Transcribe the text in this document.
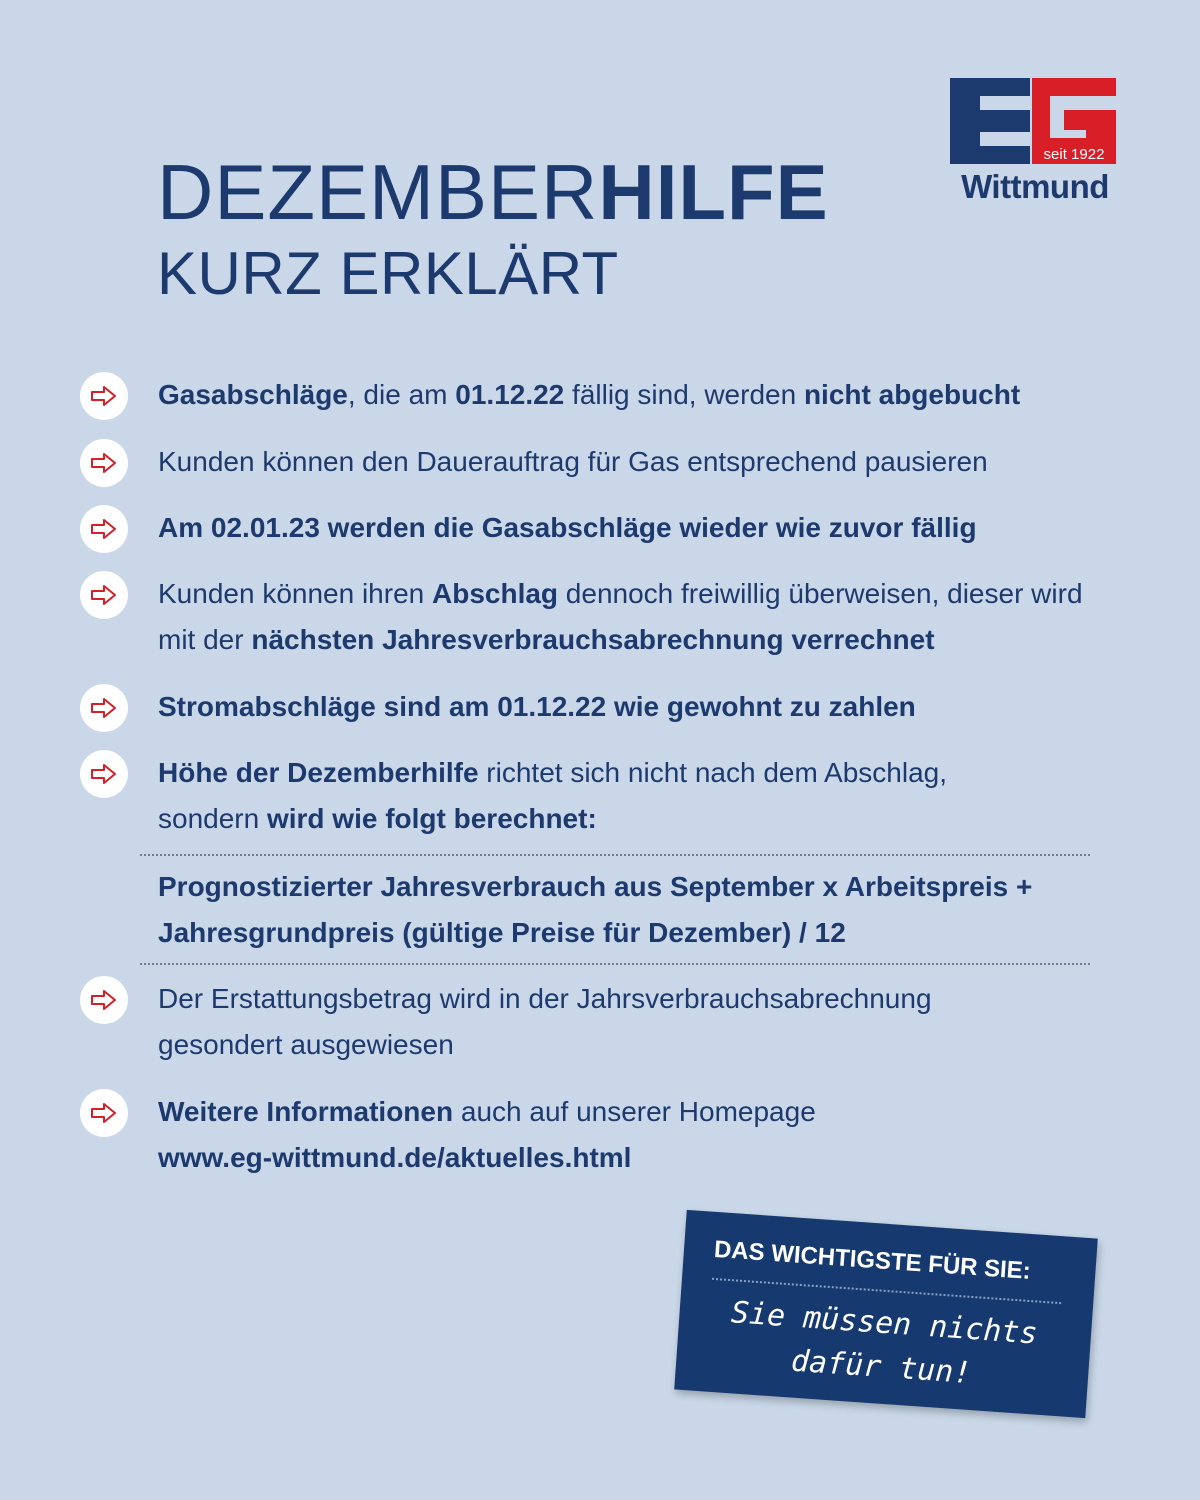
seit 1922
Wittmund
DEZEMBERHILFE
KURZ ERKLÄRT
Gasabschläge, die am 01.12.22 fällig sind, werden nicht abgebucht
Kunden können den Dauerauftrag für Gas entsprechend pausieren
Am 02.01.23 werden die Gasabschläge wieder wie zuvor fällig
Kunden können ihren Abschlag dennoch freiwillig überweisen, dieser wird mit der nächsten Jahresverbrauchsabrechnung verrechnet
Stromabschläge sind am 01.12.22 wie gewohnt zu zahlen
Höhe der Dezemberhilfe richtet sich nicht nach dem Abschlag, sondern wird wie folgt berechnet:
Prognostizierter Jahresverbrauch aus September x Arbeitspreis + Jahresgrundpreis (gültige Preise für Dezember) / 12
Der Erstattungsbetrag wird in der Jahrsverbrauchsabrechnung gesondert ausgewiesen
Weitere Informationen auch auf unserer Homepage www.eg-wittmund.de/aktuelles.html
DAS WICHTIGSTE FÜR SIE:
Sie müssen nichts dafür tun!
